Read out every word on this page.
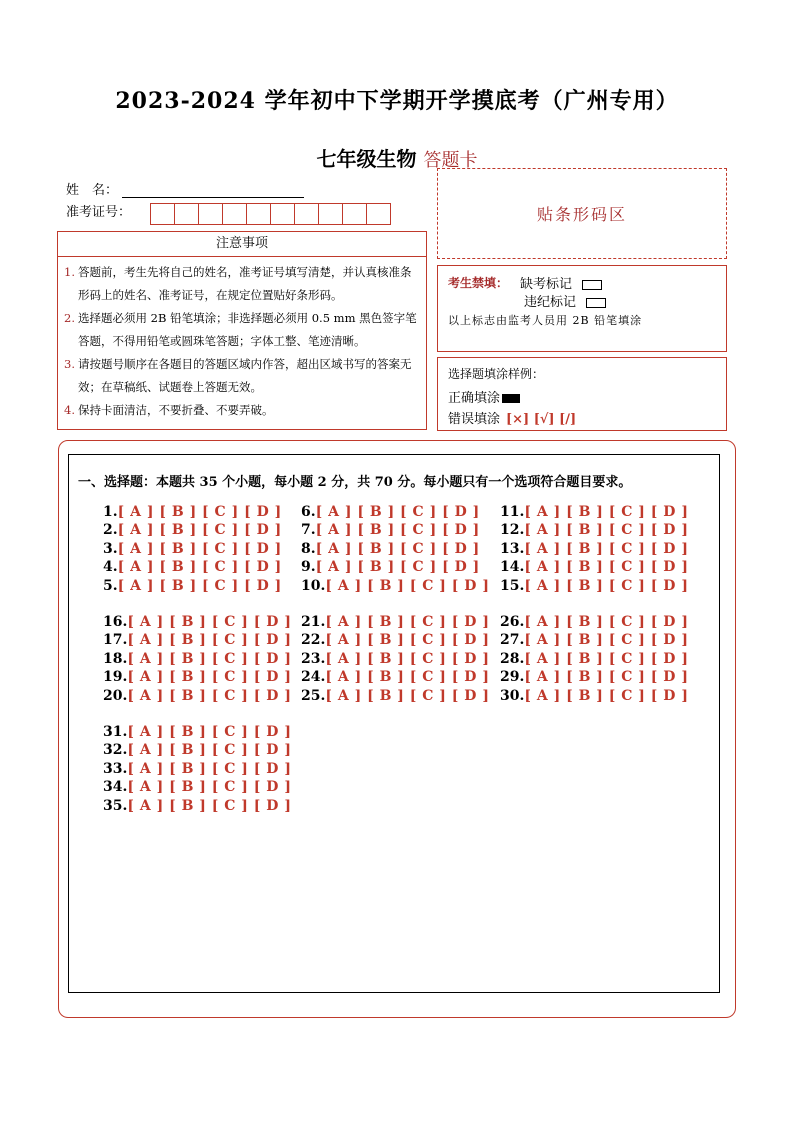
2023-2024 学年初中下学期开学摸底考（广州专用）
七年级生物 答题卡
姓　名：
准考证号：	贴条形码区
注意事项
1. 答题前，考生先将自己的姓名，准考证号填写清楚，并认真核准条形码上的姓名、准考证号，在规定位置贴好条形码。
2. 选择题必须用 2B 铅笔填涂；非选择题必须用 0.5 mm 黑色签字笔答题，不得用铅笔或圆珠笔答题；字体工整、笔迹清晰。
3. 请按题号顺序在各题目的答题区域内作答，超出区域书写的答案无效；在草稿纸、试题卷上答题无效。
4. 保持卡面清洁，不要折叠、不要弄破。
考生禁填： 缺考标记
违纪标记
以上标志由监考人员用 2B 铅笔填涂
选择题填涂样例：
正确填涂
错误填涂 [×] [√] [/]
一、选择题：本题共 35 个小题，每小题 2 分，共 70 分。每小题只有一个选项符合题目要求。
1.[ A ] [ B ] [ C ] [ D ]
2.[ A ] [ B ] [ C ] [ D ]
3.[ A ] [ B ] [ C ] [ D ]
4.[ A ] [ B ] [ C ] [ D ]
5.[ A ] [ B ] [ C ] [ D ]
6.[ A ] [ B ] [ C ] [ D ]
7.[ A ] [ B ] [ C ] [ D ]
8.[ A ] [ B ] [ C ] [ D ]
9.[ A ] [ B ] [ C ] [ D ]
10.[ A ] [ B ] [ C ] [ D ]
11.[ A ] [ B ] [ C ] [ D ]
12.[ A ] [ B ] [ C ] [ D ]
13.[ A ] [ B ] [ C ] [ D ]
14.[ A ] [ B ] [ C ] [ D ]
15.[ A ] [ B ] [ C ] [ D ]
16.[ A ] [ B ] [ C ] [ D ]
17.[ A ] [ B ] [ C ] [ D ]
18.[ A ] [ B ] [ C ] [ D ]
19.[ A ] [ B ] [ C ] [ D ]
20.[ A ] [ B ] [ C ] [ D ]
21.[ A ] [ B ] [ C ] [ D ]
22.[ A ] [ B ] [ C ] [ D ]
23.[ A ] [ B ] [ C ] [ D ]
24.[ A ] [ B ] [ C ] [ D ]
25.[ A ] [ B ] [ C ] [ D ]
26.[ A ] [ B ] [ C ] [ D ]
27.[ A ] [ B ] [ C ] [ D ]
28.[ A ] [ B ] [ C ] [ D ]
29.[ A ] [ B ] [ C ] [ D ]
30.[ A ] [ B ] [ C ] [ D ]
31.[ A ] [ B ] [ C ] [ D ]
32.[ A ] [ B ] [ C ] [ D ]
33.[ A ] [ B ] [ C ] [ D ]
34.[ A ] [ B ] [ C ] [ D ]
35.[ A ] [ B ] [ C ] [ D ]
